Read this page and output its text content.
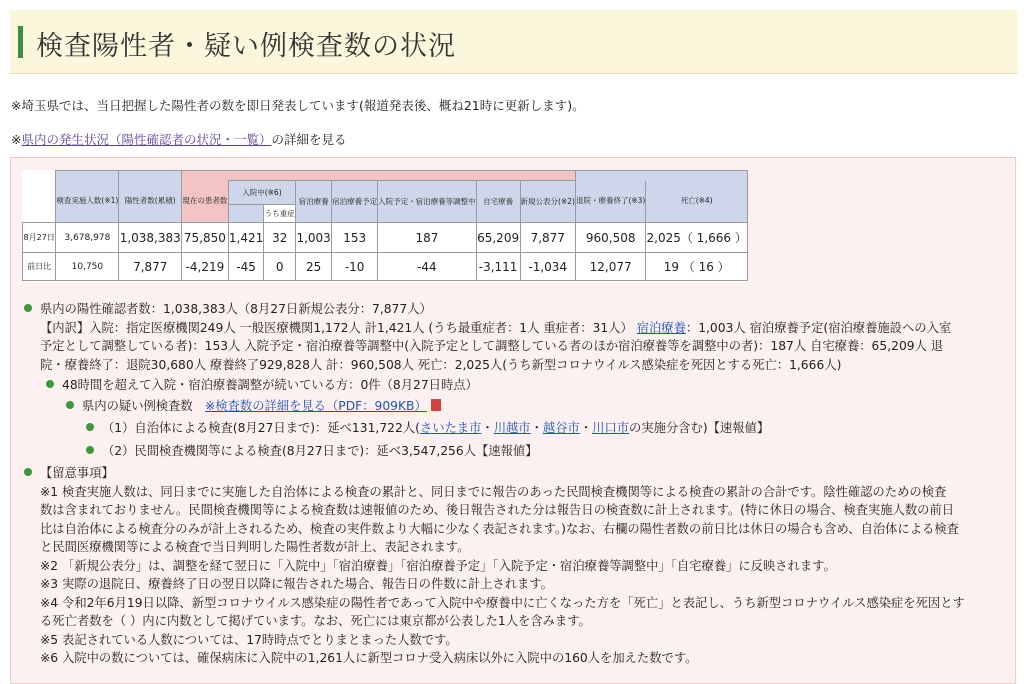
検査陽性者・疑い例検査数の状況
※埼玉県では、当日把握した陽性者の数を即日発表しています(報道発表後、概ね21時に更新します)。
※県内の発生状況（陽性確認者の状況・一覧）の詳細を見る

	検査実施人数(※1)	陽性者数(累積)	現在の患者数	入院中(※6)		宿泊療養	宿泊療養予定	入院予定・宿泊療養等調整中	自宅療養	新規公表分(※2)	退院・療養終了(※3)	死亡(※4)
					うち重症							
8月27日	3,678,978	1,038,383	75,850	1,421	32	1,003	153	187	65,209	7,877	960,508	2,025（ 1,666 ）
前日比	10,750	7,877	-4,219	-45	0	25	-10	-44	-3,111	-1,034	12,077	19 （ 16 ）
県内の陽性確認者数：1,038,383人（8月27日新規公表分：7,877人）
【内訳】入院：指定医療機関249人 一般医療機関1,172人 計1,421人 (うち最重症者：1人 重症者：31人） 宿泊療養：1,003人 宿泊療養予定(宿泊療養施設への入室
予定として調整している者)：153人 入院予定・宿泊療養等調整中(入院予定として調整している者のほか宿泊療養等を調整中の者)：187人 自宅療養：65,209人 退
院・療養終了：退院30,680人 療養終了929,828人 計：960,508人 死亡：2,025人(うち新型コロナウイルス感染症を死因とする死亡：1,666人)
48時間を超えて入院・宿泊療養調整が続いている方：0件（8月27日時点）
県内の疑い例検査数　 ※検査数の詳細を見る（PDF：909KB）
（1）自治体による検査(8月27日まで)：延べ131,722人(さいたま市・川越市・越谷市・川口市の実施分含む)【速報値】
（2）民間検査機関等による検査(8月27日まで)：延べ3,547,256人【速報値】
【留意事項】
※1 検査実施人数は、同日までに実施した自治体による検査の累計と、同日までに報告のあった民間検査機関等による検査の累計の合計です。陰性確認のための検査
数は含まれておりません。民間検査機関等による検査数は速報値のため、後日報告された分は報告日の検査数に計上されます。(特に休日の場合、検査実施人数の前日
比は自治体による検査分のみが計上されるため、検査の実件数より大幅に少なく表記されます。)なお、右欄の陽性者数の前日比は休日の場合も含め、自治体による検査
と民間医療機関等による検査で当日判明した陽性者数が計上、表記されます。
※2 「新規公表分」は、調整を経て翌日に「入院中」「宿泊療養」「宿泊療養予定」「入院予定・宿泊療養等調整中」「自宅療養」に反映されます。
※3 実際の退院日、療養終了日の翌日以降に報告された場合、報告日の件数に計上されます。
※4 令和2年6月19日以降、新型コロナウイルス感染症の陽性者であって入院中や療養中に亡くなった方を「死亡」と表記し、うち新型コロナウイルス感染症を死因とす
る死亡者数を（ ）内に内数として掲げています。なお、死亡には東京都が公表した1人を含みます。
※5 表記されている人数については、17時時点でとりまとまった人数です。
※6 入院中の数については、確保病床に入院中の1,261人に新型コロナ受入病床以外に入院中の160人を加えた数です。
